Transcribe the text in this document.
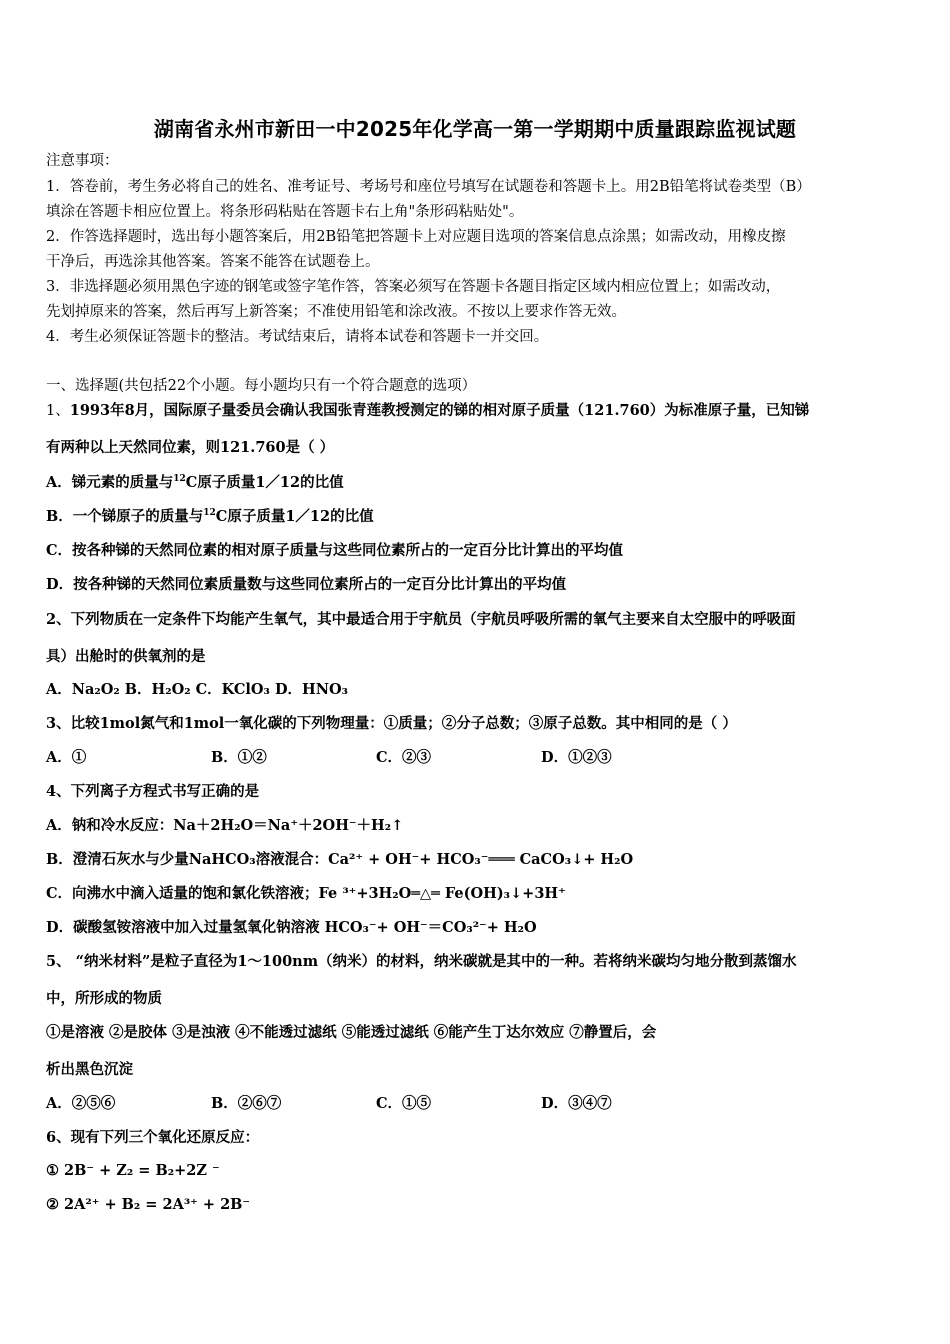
湖南省永州市新田一中2025年化学高一第一学期期中质量跟踪监视试题
注意事项：
1．答卷前，考生务必将自己的姓名、准考证号、考场号和座位号填写在试题卷和答题卡上。用2B铅笔将试卷类型（B）
填涂在答题卡相应位置上。将条形码粘贴在答题卡右上角"条形码粘贴处"。
2．作答选择题时，选出每小题答案后，用2B铅笔把答题卡上对应题目选项的答案信息点涂黑；如需改动，用橡皮擦
干净后，再选涂其他答案。答案不能答在试题卷上。
3．非选择题必须用黑色字迹的钢笔或签字笔作答，答案必须写在答题卡各题目指定区域内相应位置上；如需改动，
先划掉原来的答案，然后再写上新答案；不准使用铅笔和涂改液。不按以上要求作答无效。
4．考生必须保证答题卡的整洁。考试结束后，请将本试卷和答题卡一并交回。
一、选择题(共包括22个小题。每小题均只有一个符合题意的选项）
1、1993年8月，国际原子量委员会确认我国张青莲教授测定的锑的相对原子质量（121.760）为标准原子量，已知锑
有两种以上天然同位素，则121.760是（ ）
A．锑元素的质量与$^{12}$C原子质量1／12的比值
B．一个锑原子的质量与$^{12}$C原子质量1／12的比值
C．按各种锑的天然同位素的相对原子质量与这些同位素所占的一定百分比计算出的平均值
D．按各种锑的天然同位素质量数与这些同位素所占的一定百分比计算出的平均值
2、下列物质在一定条件下均能产生氧气，其中最适合用于宇航员（宇航员呼吸所需的氧气主要来自太空服中的呼吸面
具）出舱时的供氧剂的是
A．Na₂O₂ B．H₂O₂ C．KClO₃ D．HNO₃
3、比较1mol氮气和1mol一氧化碳的下列物理量：①质量；②分子总数；③原子总数。其中相同的是（ ）
A．①	B．①②	C．②③	D．①②③
4、下列离子方程式书写正确的是
A．钠和冷水反应：Na＋2H₂O＝Na⁺＋2OH⁻＋H₂↑
B．澄清石灰水与少量NaHCO₃溶液混合：Ca²⁺ + OH⁻+ HCO₃⁻═══ CaCO₃↓+ H₂O
C．向沸水中滴入适量的饱和氯化铁溶液；Fe ³⁺+3H₂O═△═ Fe(OH)₃↓+3H⁺
D．碳酸氢铵溶液中加入过量氢氧化钠溶液 HCO₃⁻+ OH⁻＝CO₃²⁻+ H₂O
5、 “纳米材料”是粒子直径为1～100nm（纳米）的材料，纳米碳就是其中的一种。若将纳米碳均匀地分散到蒸馏水
中，所形成的物质
①是溶液 ②是胶体 ③是浊液 ④不能透过滤纸 ⑤能透过滤纸 ⑥能产生丁达尔效应 ⑦静置后，会
析出黑色沉淀
A．②⑤⑥	B．②⑥⑦	C．①⑤	D．③④⑦
6、现有下列三个氧化还原反应：
① 2B⁻ + Z₂ = B₂+2Z ⁻
② 2A²⁺ + B₂ = 2A³⁺ + 2B⁻
